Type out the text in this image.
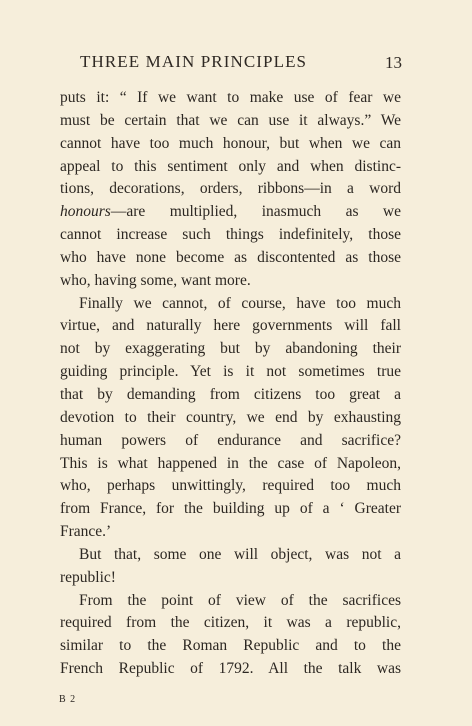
THREE MAIN PRINCIPLES	13
puts it: “ If we want to make use of fear we
must be certain that we can use it always.” We
cannot have too much honour, but when we can
appeal to this sentiment only and when distinc-
tions, decorations, orders, ribbons—in a word
honours—are multiplied, inasmuch as we
cannot increase such things indefinitely, those
who have none become as discontented as those
who, having some, want more.
Finally we cannot, of course, have too much
virtue, and naturally here governments will fall
not by exaggerating but by abandoning their
guiding principle. Yet is it not sometimes true
that by demanding from citizens too great a
devotion to their country, we end by exhausting
human powers of endurance and sacrifice?
This is what happened in the case of Napoleon,
who, perhaps unwittingly, required too much
from France, for the building up of a ‘ Greater
France.’
But that, some one will object, was not a
republic!
From the point of view of the sacrifices
required from the citizen, it was a republic,
similar to the Roman Republic and to the
French Republic of 1792. All the talk was
B 2
